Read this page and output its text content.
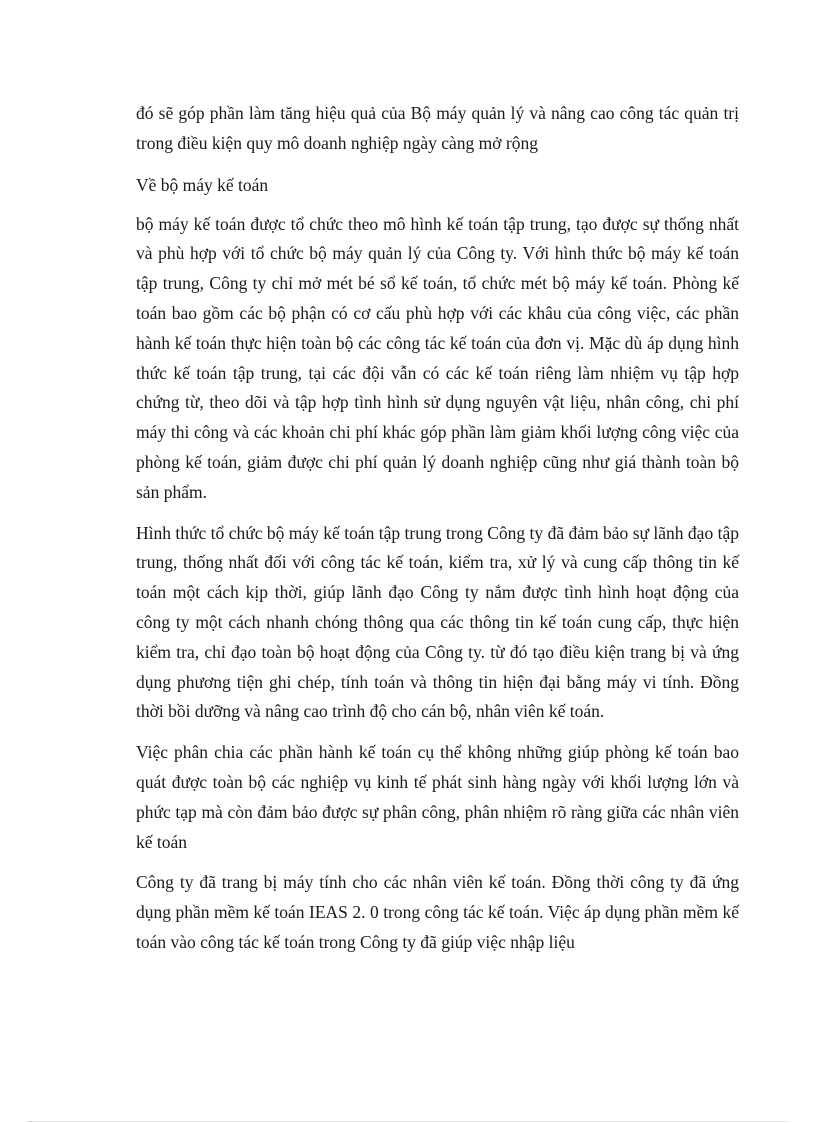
đó sẽ góp phần làm tăng hiệu quả của Bộ máy quản lý và nâng cao công tác quản trị trong điều kiện quy mô doanh nghiệp ngày càng mở rộng

Về bộ máy kế toán

bộ máy kế toán được tổ chức theo mô hình kế toán tập trung, tạo được sự thống nhất và phù hợp với tổ chức bộ máy quản lý của Công ty. Với hình thức bộ máy kế toán tập trung, Công ty chỉ mở mét bé sổ kế toán, tổ chức mét bộ máy kế toán. Phòng kế toán bao gồm các bộ phận có cơ cấu phù hợp với các khâu của công việc, các phần hành kế toán thực hiện toàn bộ các công tác kế toán của đơn vị. Mặc dù áp dụng hình thức kế toán tập trung, tại các đội vẫn có các kế toán riêng làm nhiệm vụ tập hợp chứng từ, theo dõi và tập hợp tình hình sử dụng nguyên vật liệu, nhân công, chi phí máy thi công và các khoản chi phí khác góp phần làm giảm khối lượng công việc của phòng kế toán, giảm được chi phí quản lý doanh nghiệp cũng như giá thành toàn bộ sản phẩm.

Hình thức tổ chức bộ máy kế toán tập trung trong Công ty đã đảm bảo sự lãnh đạo tập trung, thống nhất đối với công tác kế toán, kiểm tra, xử lý và cung cấp thông tin kế toán một cách kịp thời, giúp lãnh đạo Công ty nắm được tình hình hoạt động của công ty một cách nhanh chóng thông qua các thông tin kế toán cung cấp, thực hiện kiểm tra, chỉ đạo toàn bộ hoạt động của Công ty. từ đó tạo điều kiện trang bị và ứng dụng phương tiện ghi chép, tính toán và thông tin hiện đại bằng máy vi tính. Đồng thời bồi dưỡng và nâng cao trình độ cho cán bộ, nhân viên kế toán.

Việc phân chia các phần hành kế toán cụ thể không những giúp phòng kế toán bao quát được toàn bộ các nghiệp vụ kinh tế phát sinh hàng ngày với khối lượng lớn và phức tạp mà còn đảm bảo được sự phân công, phân nhiệm rõ ràng giữa các nhân viên kế toán

Công ty đã trang bị máy tính cho các nhân viên kế toán. Đồng thời công ty đã ứng dụng phần mềm kế toán IEAS 2. 0 trong công tác kế toán. Việc áp dụng phần mềm kế toán vào công tác kế toán trong Công ty đã giúp việc nhập liệu
